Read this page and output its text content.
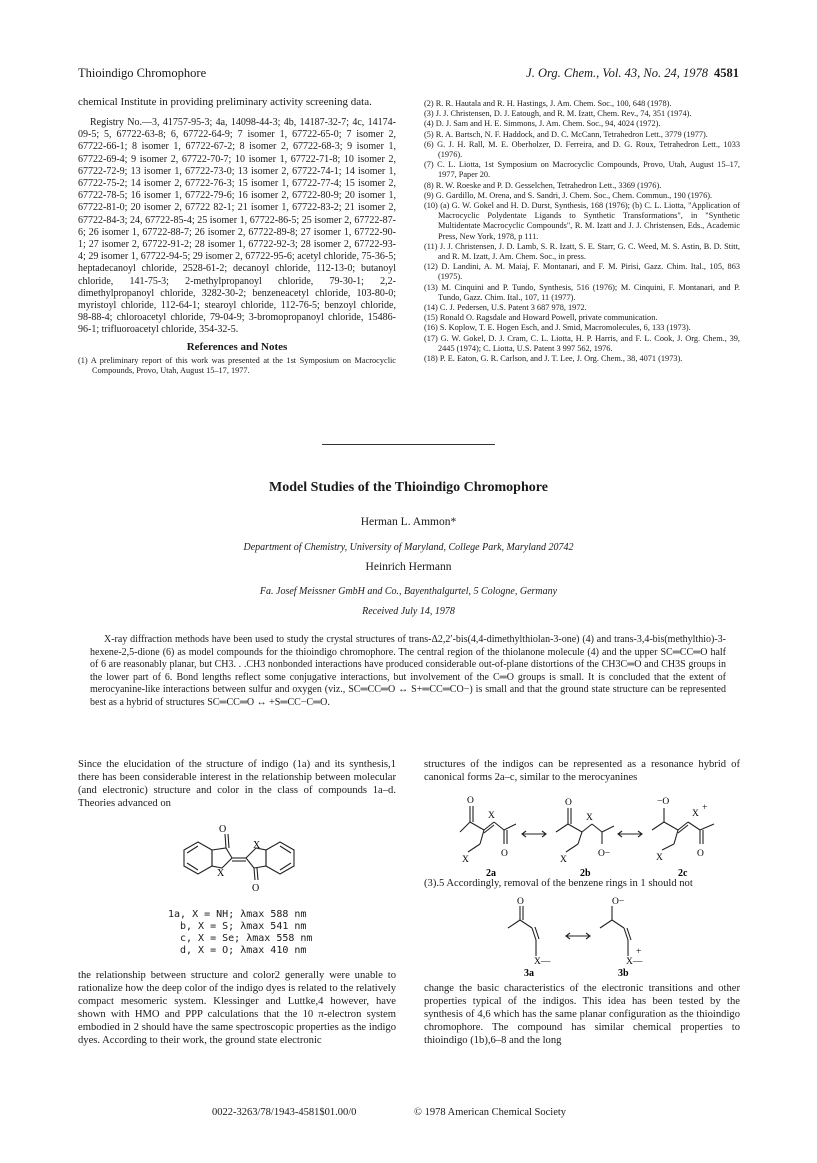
Thioindigo Chromophore	J. Org. Chem., Vol. 43, No. 24, 1978 4581
chemical Institute in providing preliminary activity screening data.
Registry No.—3, 41757-95-3; 4a, 14098-44-3; 4b, 14187-32-7; 4c, 14174-09-5; 5, 67722-63-8; 6, 67722-64-9; 7 isomer 1, 67722-65-0; 7 isomer 2, 67722-66-1; 8 isomer 1, 67722-67-2; 8 isomer 2, 67722-68-3; 9 isomer 1, 67722-69-4; 9 isomer 2, 67722-70-7; 10 isomer 1, 67722-71-8; 10 isomer 2, 67722-72-9; 13 isomer 1, 67722-73-0; 13 isomer 2, 67722-74-1; 14 isomer 1, 67722-75-2; 14 isomer 2, 67722-76-3; 15 isomer 1, 67722-77-4; 15 isomer 2, 67722-78-5; 16 isomer 1, 67722-79-6; 16 isomer 2, 67722-80-9; 20 isomer 1, 67722-81-0; 20 isomer 2, 67722 82-1; 21 isomer 1, 67722-83-2; 21 isomer 2, 67722-84-3; 24, 67722-85-4; 25 isomer 1, 67722-86-5; 25 isomer 2, 67722-87-6; 26 isomer 1, 67722-88-7; 26 isomer 2, 67722-89-8; 27 isomer 1, 67722-90-1; 27 isomer 2, 67722-91-2; 28 isomer 1, 67722-92-3; 28 isomer 2, 67722-93-4; 29 isomer 1, 67722-94-5; 29 isomer 2, 67722-95-6; acetyl chloride, 75-36-5; heptadecanoyl chloride, 2528-61-2; decanoyl chloride, 112-13-0; butanoyl chloride, 141-75-3; 2-methylpropanoyl chloride, 79-30-1; 2,2-dimethylpropanoyl chloride, 3282-30-2; benzeneacetyl chloride, 103-80-0; myristoyl chloride, 112-64-1; stearoyl chloride, 112-76-5; benzoyl chloride, 98-88-4; chloroacetyl chloride, 79-04-9; 3-bromopropanoyl chloride, 15486-96-1; trifluoroacetyl chloride, 354-32-5.
References and Notes
(1) A preliminary report of this work was presented at the 1st Symposium on Macrocyclic Compounds, Provo, Utah, August 15–17, 1977.
(2) R. R. Hautala and R. H. Hastings, J. Am. Chem. Soc., 100, 648 (1978).
(3) J. J. Christensen, D. J. Eatough, and R. M. Izatt, Chem. Rev., 74, 351 (1974).
(4) D. J. Sam and H. E. Simmons, J. Am. Chem. Soc., 94, 4024 (1972).
(5) R. A. Bartsch, N. F. Haddock, and D. C. McCann, Tetrahedron Lett., 3779 (1977).
(6) G. J. H. Rall, M. E. Oberholzer, D. Ferreira, and D. G. Roux, Tetrahedron Lett., 1033 (1976).
(7) C. L. Liotta, 1st Symposium on Macrocyclic Compounds, Provo, Utah, August 15–17, 1977, Paper 20.
(8) R. W. Roeske and P. D. Gesselchen, Tetrahedron Lett., 3369 (1976).
(9) G. Gardillo, M. Orena, and S. Sandri, J. Chem. Soc., Chem. Commun., 190 (1976).
(10) (a) G. W. Gokel and H. D. Durst, Synthesis, 168 (1976); (b) C. L. Liotta, "Application of Macrocyclic Polydentate Ligands to Synthetic Transformations", in "Synthetic Multidentate Macrocyclic Compounds", R. M. Izatt and J. J. Christensen, Eds., Academic Press, New York, 1978, p 111.
(11) J. J. Christensen, J. D. Lamb, S. R. Izatt, S. E. Starr, G. C. Weed, M. S. Astin, B. D. Stitt, and R. M. Izatt, J. Am. Chem. Soc., in press.
(12) D. Landini, A. M. Maiaj, F. Montanari, and F. M. Pirisi, Gazz. Chim. Ital., 105, 863 (1975).
(13) M. Cinquini and P. Tundo, Synthesis, 516 (1976); M. Cinquini, F. Montanari, and P. Tundo, Gazz. Chim. Ital., 107, 11 (1977).
(14) C. J. Pedersen, U.S. Patent 3 687 978, 1972.
(15) Ronald O. Ragsdale and Howard Powell, private communication.
(16) S. Koplow, T. E. Hogen Esch, and J. Smid, Macromolecules, 6, 133 (1973).
(17) G. W. Gokel, D. J. Cram, C. L. Liotta, H. P. Harris, and F. L. Cook, J. Org. Chem., 39, 2445 (1974); C. Liotta, U.S. Patent 3 997 562, 1976.
(18) P. E. Eaton, G. R. Carlson, and J. T. Lee, J. Org. Chem., 38, 4071 (1973).
Model Studies of the Thioindigo Chromophore
Herman L. Ammon*
Department of Chemistry, University of Maryland, College Park, Maryland 20742
Heinrich Hermann
Fa. Josef Meissner GmbH and Co., Bayenthalgurtel, 5 Cologne, Germany
Received July 14, 1978
X-ray diffraction methods have been used to study the crystal structures of trans-Δ2,2′-bis(4,4-dimethylthiolan-3-one) (4) and trans-3,4-bis(methylthio)-3-hexene-2,5-dione (6) as model compounds for the thioindigo chromophore. The central region of the thiolanone molecule (4) and the upper SC═CC═O half of 6 are reasonably planar, but CH3. . .CH3 nonbonded interactions have produced considerable out-of-plane distortions of the CH3C═O and CH3S groups in the lower part of 6. Bond lengths reflect some conjugative interactions, but involvement of the C═O groups is small. It is concluded that the extent of merocyanine-like interactions between sulfur and oxygen (viz., SC═CC═O ↔ S+═CC═CO−) is small and that the ground state structure can be represented best as a hybrid of structures SC═CC═O ↔ +S═CC−C═O.
Since the elucidation of the structure of indigo (1a) and its synthesis,1 there has been considerable interest in the relationship between molecular (and electronic) structure and color in the class of compounds 1a–d. Theories advanced on
O
X
X
O
1a, X = NH; λmax 588 nm
b, X = S; λmax 541 nm
c, X = Se; λmax 558 nm
d, X = O; λmax 410 nm
the relationship between structure and color2 generally were unable to rationalize how the deep color of the indigo dyes is related to the relatively compact mesomeric system. Klessinger and Luttke,4 however, have shown with HMO and PPP calculations that the 10 π-electron system embodied in 2 should have the same spectroscopic properties as the indigo dyes. According to their work, the ground state electronic
structures of the indigos can be represented as a resonance hybrid of canonical forms 2a–c, similar to the merocyanines
O
X
X
O
O
X
X
O−
−O
X
+
X	O
2a	2b	2c
(3).5 Accordingly, removal of the benzene rings in 1 should not
O
X—
O−
X—
+
3a	3b
change the basic characteristics of the electronic transitions and other properties typical of the indigos. This idea has been tested by the synthesis of 4,6 which has the same planar configuration as the thioindigo chromophore. The compound has similar chemical properties to thioindigo (1b),6–8 and the long
0022-3263/78/1943-4581$01.00/0	© 1978 American Chemical Society
